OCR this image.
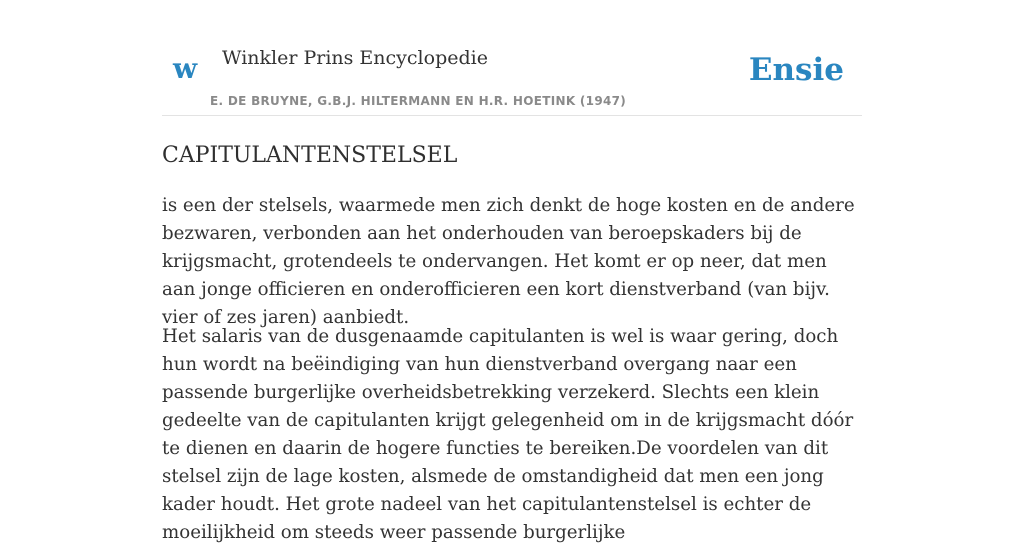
w Winkler Prins Encyclopedie
E. DE BRUYNE, G.B.J. HILTERMANN EN H.R. HOETINK (1947)
Ensie
CAPITULANTENSTELSEL

is een der stelsels, waarmede men zich denkt de hoge kosten en de andere bezwaren, verbonden aan het onderhouden van beroepskaders bij de krijgsmacht, grotendeels te ondervangen. Het komt er op neer, dat men aan jonge officieren en onderofficieren een kort dienstverband (van bijv. vier of zes jaren) aanbiedt.

Het salaris van de dusgenaamde capitulanten is wel is waar gering, doch hun wordt na beëindiging van hun dienstverband overgang naar een passende burgerlijke overheidsbetrekking verzekerd. Slechts een klein gedeelte van de capitulanten krijgt gelegenheid om in de krijgsmacht dóór te dienen en daarin de hogere functies te bereiken.De voordelen van dit stelsel zijn de lage kosten, alsmede de omstandigheid dat men een jong kader houdt. Het grote nadeel van het capitulantenstelsel is echter de moeilijkheid om steeds weer passende burgerlijke
